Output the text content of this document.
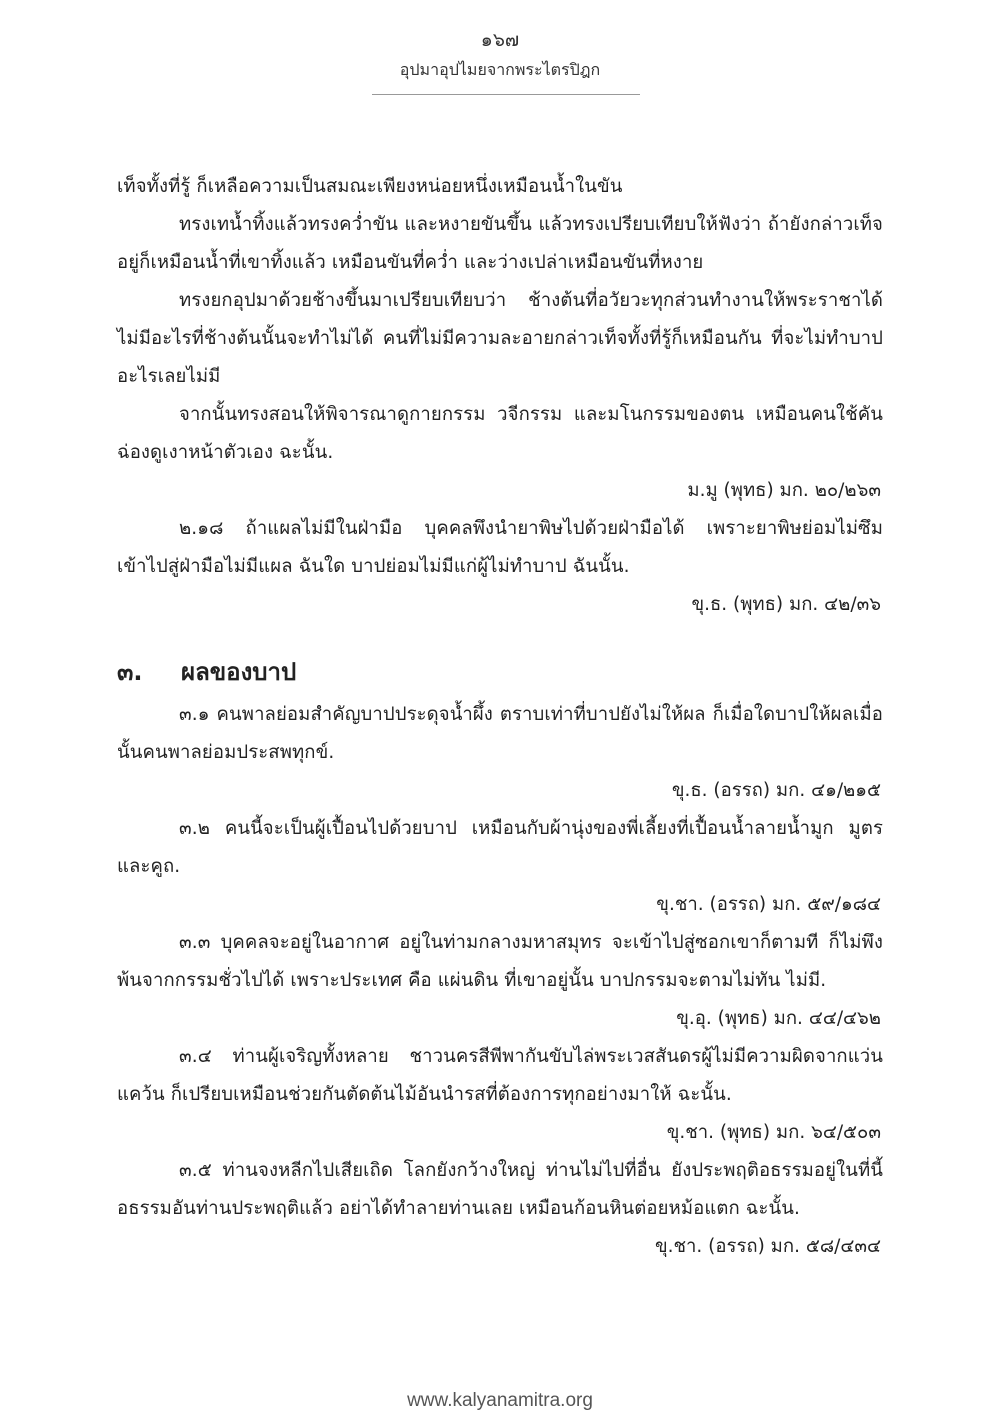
๑๖๗
อุปมาอุปไมยจากพระไตรปิฎก

เท็จทั้งที่รู้ ก็เหลือความเป็นสมณะเพียงหน่อยหนึ่งเหมือนน้ำในขัน

ทรงเทน้ำทิ้งแล้วทรงคว่ำขัน และหงายขันขึ้น แล้วทรงเปรียบเทียบให้ฟังว่า ถ้ายังกล่าวเท็จอยู่ก็เหมือนน้ำที่เขาทิ้งแล้ว เหมือนขันที่คว่ำ และว่างเปล่าเหมือนขันที่หงาย

ทรงยกอุปมาด้วยช้างขึ้นมาเปรียบเทียบว่า ช้างต้นที่อวัยวะทุกส่วนทำงานให้พระราชาได้ ไม่มีอะไรที่ช้างต้นนั้นจะทำไม่ได้ คนที่ไม่มีความละอายกล่าวเท็จทั้งที่รู้ก็เหมือนกัน ที่จะไม่ทำบาปอะไรเลยไม่มี

จากนั้นทรงสอนให้พิจารณาดูกายกรรม วจีกรรม และมโนกรรมของตน เหมือนคนใช้คันฉ่องดูเงาหน้าตัวเอง ฉะนั้น.

ม.มู (พุทธ) มก. ๒๐/๒๖๓

๒.๑๘ ถ้าแผลไม่มีในฝ่ามือ บุคคลพึงนำยาพิษไปด้วยฝ่ามือได้ เพราะยาพิษย่อมไม่ซึมเข้าไปสู่ฝ่ามือไม่มีแผล ฉันใด บาปย่อมไม่มีแก่ผู้ไม่ทำบาป ฉันนั้น.

ขุ.ธ. (พุทธ) มก. ๔๒/๓๖

๓.	ผลของบาป

๓.๑ คนพาลย่อมสำคัญบาปประดุจน้ำผึ้ง ตราบเท่าที่บาปยังไม่ให้ผล ก็เมื่อใดบาปให้ผลเมื่อนั้นคนพาลย่อมประสพทุกข์.

ขุ.ธ. (อรรถ) มก. ๔๑/๒๑๕

๓.๒ คนนี้จะเป็นผู้เปื้อนไปด้วยบาป เหมือนกับผ้านุ่งของพี่เลี้ยงที่เปื้อนน้ำลายน้ำมูก มูตรและคูถ.

ขุ.ชา. (อรรถ) มก. ๕๙/๑๘๔

๓.๓ บุคคลจะอยู่ในอากาศ อยู่ในท่ามกลางมหาสมุทร จะเข้าไปสู่ซอกเขาก็ตามที ก็ไม่พึงพ้นจากกรรมชั่วไปได้ เพราะประเทศ คือ แผ่นดิน ที่เขาอยู่นั้น บาปกรรมจะตามไม่ทัน ไม่มี.

ขุ.อุ. (พุทธ) มก. ๔๔/๔๖๒

๓.๔ ท่านผู้เจริญทั้งหลาย ชาวนครสีพีพากันขับไล่พระเวสสันดรผู้ไม่มีความผิดจากแว่นแคว้น ก็เปรียบเหมือนช่วยกันตัดต้นไม้อันนำรสที่ต้องการทุกอย่างมาให้ ฉะนั้น.

ขุ.ชา. (พุทธ) มก. ๖๔/๕๐๓

๓.๕ ท่านจงหลีกไปเสียเถิด โลกยังกว้างใหญ่ ท่านไม่ไปที่อื่น ยังประพฤติอธรรมอยู่ในที่นี้ อธรรมอันท่านประพฤติแล้ว อย่าได้ทำลายท่านเลย เหมือนก้อนหินต่อยหม้อแตก ฉะนั้น.

ขุ.ชา. (อรรถ) มก. ๕๘/๔๓๔

www.kalyanamitra.org
